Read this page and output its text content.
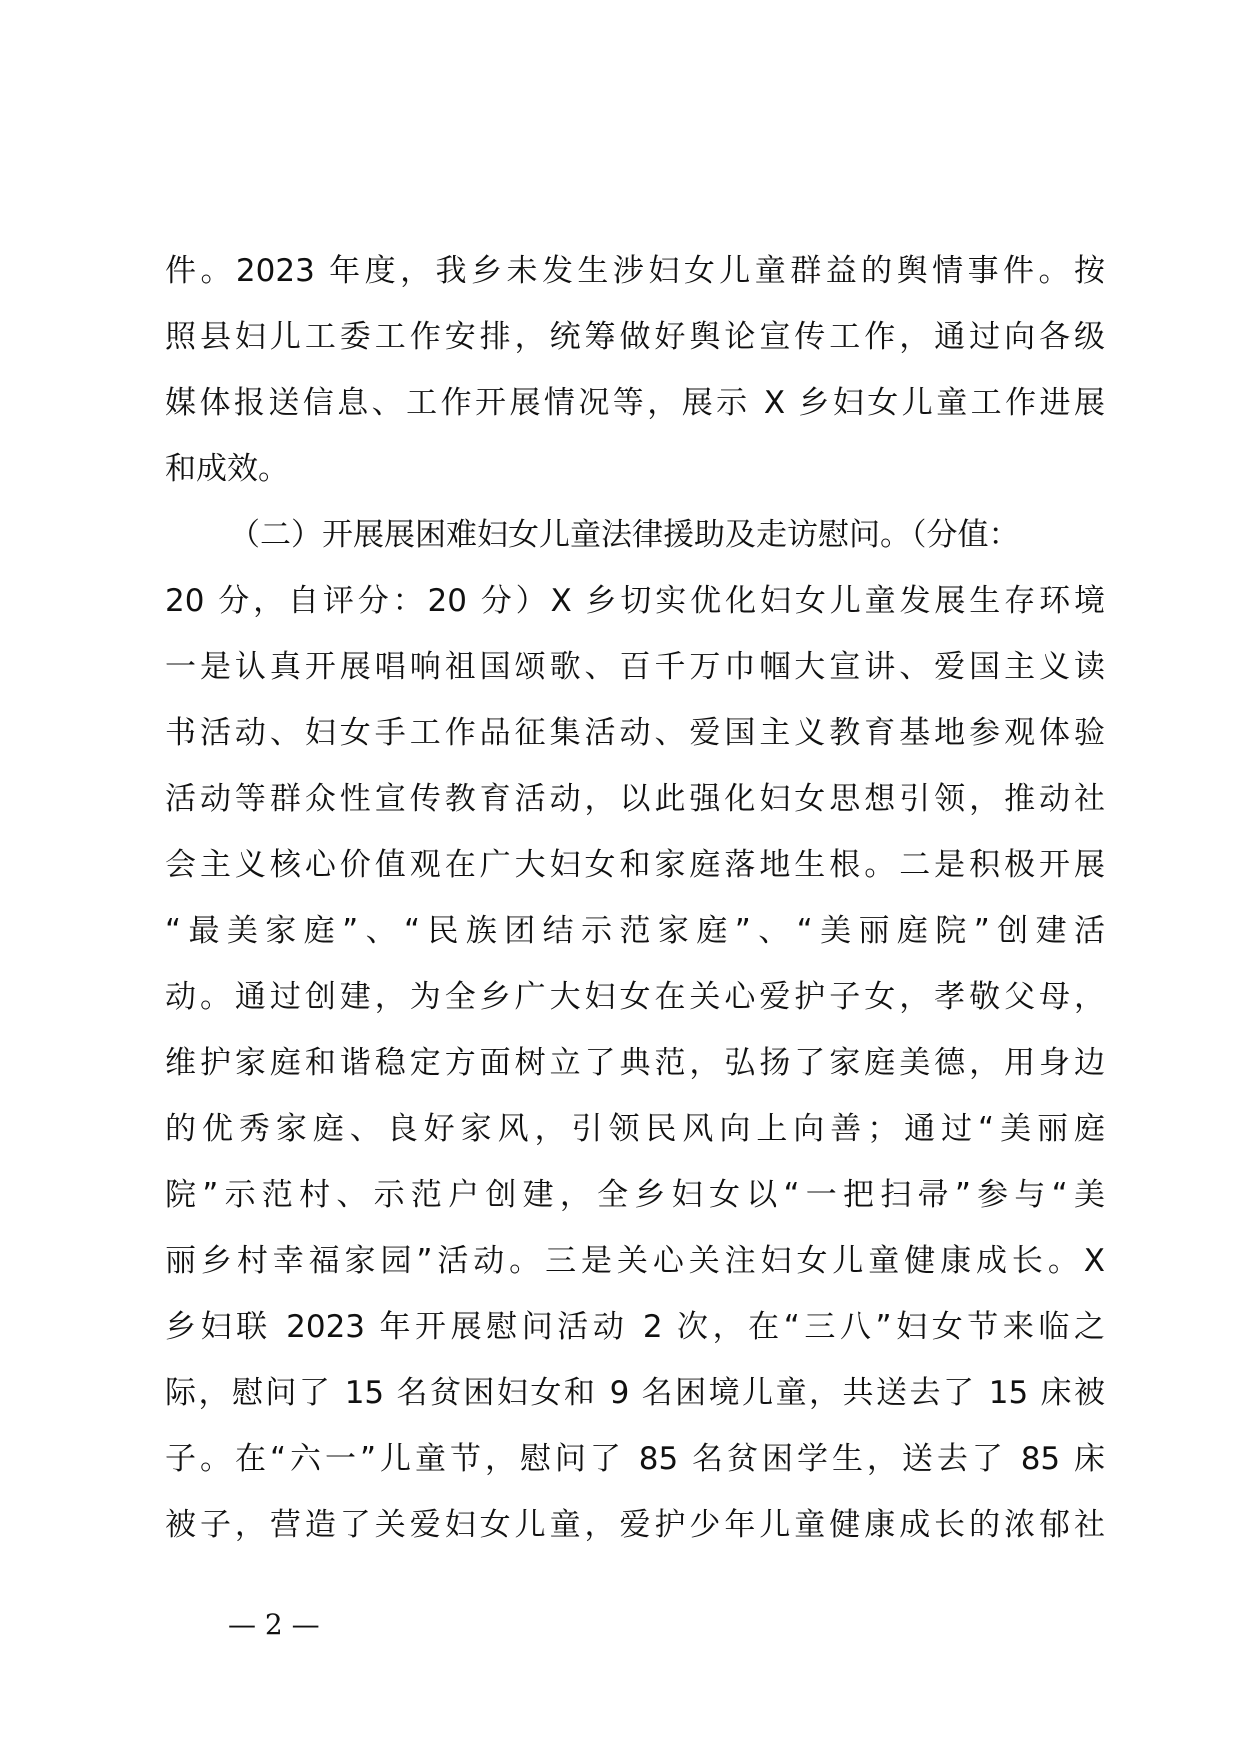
件。2023 年度，我乡未发生涉妇女儿童群益的舆情事件。按
照县妇儿工委工作安排，统筹做好舆论宣传工作，通过向各级
媒体报送信息、工作开展情况等，展示 X 乡妇女儿童工作进展
和成效。
（二）开展展困难妇女儿童法律援助及走访慰问。（分值：
20 分，自评分：20 分）X 乡切实优化妇女儿童发展生存环境
一是认真开展唱响祖国颂歌、百千万巾帼大宣讲、爱国主义读
书活动、妇女手工作品征集活动、爱国主义教育基地参观体验
活动等群众性宣传教育活动，以此强化妇女思想引领，推动社
会主义核心价值观在广大妇女和家庭落地生根。二是积极开展
“最美家庭”、“民族团结示范家庭”、“美丽庭院”创建活
动。通过创建，为全乡广大妇女在关心爱护子女，孝敬父母，
维护家庭和谐稳定方面树立了典范，弘扬了家庭美德，用身边
的优秀家庭、良好家风，引领民风向上向善；通过“美丽庭
院”示范村、示范户创建，全乡妇女以“一把扫帚”参与“美
丽乡村幸福家园”活动。三是关心关注妇女儿童健康成长。X
乡妇联 2023 年开展慰问活动 2 次，在“三八”妇女节来临之
际，慰问了 15 名贫困妇女和 9 名困境儿童，共送去了 15 床被
子。在“六一”儿童节，慰问了 85 名贫困学生，送去了 85 床
被子，营造了关爱妇女儿童，爱护少年儿童健康成长的浓郁社
— 2 —
